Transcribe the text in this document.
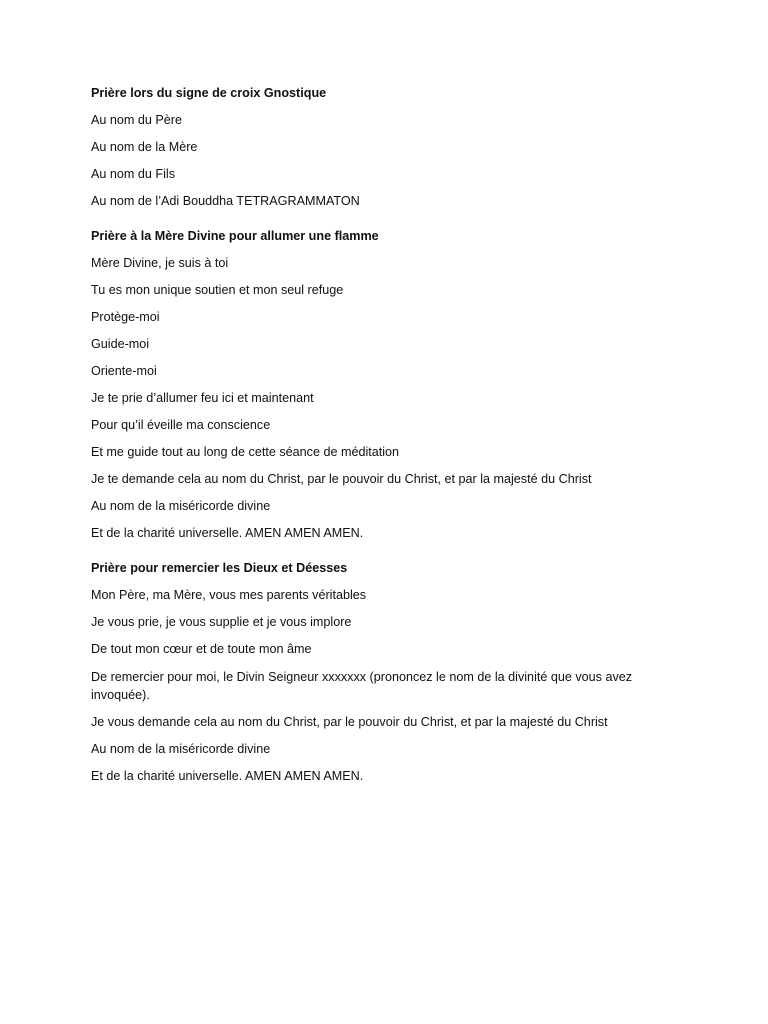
Prière lors du signe de croix Gnostique

Au nom du Père

Au nom de la Mère

Au nom du Fils

Au nom de l’Adi Bouddha TETRAGRAMMATON

Prière à la Mère Divine pour allumer une flamme

Mère Divine, je suis à toi

Tu es mon unique soutien et mon seul refuge

Protège-moi

Guide-moi

Oriente-moi

Je te prie d’allumer feu ici et maintenant

Pour qu’il éveille ma conscience

Et me guide tout au long de cette séance de méditation

Je te demande cela au nom du Christ, par le pouvoir du Christ, et par la majesté du Christ

Au nom de la miséricorde divine

Et de la charité universelle. AMEN AMEN AMEN.

Prière pour remercier les Dieux et Déesses

Mon Père, ma Mère, vous mes parents véritables

Je vous prie, je vous supplie et je vous implore

De tout mon cœur et de toute mon âme

De remercier pour moi, le Divin Seigneur xxxxxxx (prononcez le nom de la divinité que vous avez invoquée).

Je vous demande cela au nom du Christ, par le pouvoir du Christ, et par la majesté du Christ

Au nom de la miséricorde divine

Et de la charité universelle. AMEN AMEN AMEN.
